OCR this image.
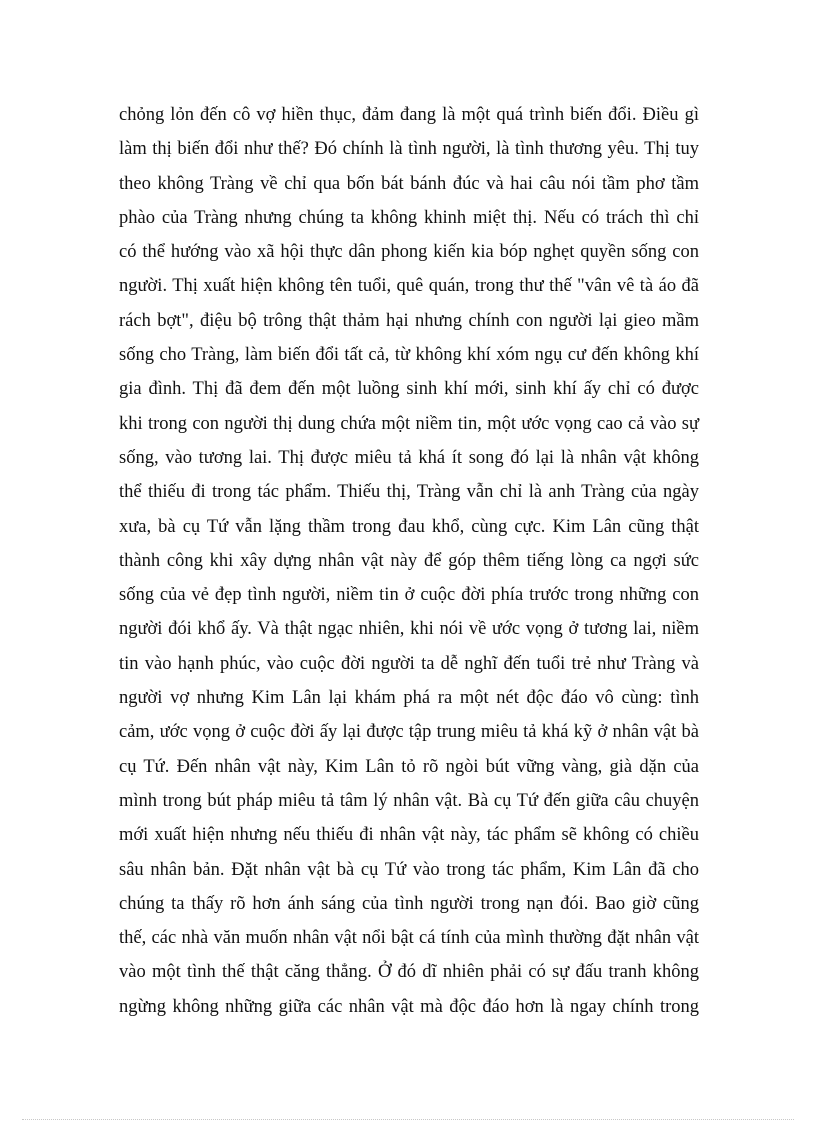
chỏng lỏn đến cô vợ hiền thục, đảm đang là một quá trình biến đổi. Điều gì
làm thị biến đổi như thế? Đó chính là tình người, là tình thương yêu. Thị tuy
theo không Tràng về chỉ qua bốn bát bánh đúc và hai câu nói tầm phơ tầm
phào của Tràng nhưng chúng ta không khinh miệt thị. Nếu có trách thì chỉ
có thể hướng vào xã hội thực dân phong kiến kia bóp nghẹt quyền sống con
người. Thị xuất hiện không tên tuổi, quê quán, trong thư thế "vân vê tà áo đã
rách bợt", điệu bộ trông thật thảm hại nhưng chính con người lại gieo mầm
sống cho Tràng, làm biến đổi tất cả, từ không khí xóm ngụ cư đến không khí
gia đình. Thị đã đem đến một luồng sinh khí mới, sinh khí ấy chỉ có được
khi trong con người thị dung chứa một niềm tin, một ước vọng cao cả vào sự
sống, vào tương lai. Thị được miêu tả khá ít song đó lại là nhân vật không
thể thiếu đi trong tác phẩm. Thiếu thị, Tràng vẫn chỉ là anh Tràng của ngày
xưa, bà cụ Tứ vẫn lặng thầm trong đau khổ, cùng cực. Kim Lân cũng thật
thành công khi xây dựng nhân vật này để góp thêm tiếng lòng ca ngợi sức
sống của vẻ đẹp tình người, niềm tin ở cuộc đời phía trước trong những con
người đói khổ ấy. Và thật ngạc nhiên, khi nói về ước vọng ở tương lai, niềm
tin vào hạnh phúc, vào cuộc đời người ta dễ nghĩ đến tuổi trẻ như Tràng và
người vợ nhưng Kim Lân lại khám phá ra một nét độc đáo vô cùng: tình
cảm, ước vọng ở cuộc đời ấy lại được tập trung miêu tả khá kỹ ở nhân vật bà
cụ Tứ. Đến nhân vật này, Kim Lân tỏ rõ ngòi bút vững vàng, già dặn của
mình trong bút pháp miêu tả tâm lý nhân vật. Bà cụ Tứ đến giữa câu chuyện
mới xuất hiện nhưng nếu thiếu đi nhân vật này, tác phẩm sẽ không có chiều
sâu nhân bản. Đặt nhân vật bà cụ Tứ vào trong tác phẩm, Kim Lân đã cho
chúng ta thấy rõ hơn ánh sáng của tình người trong nạn đói. Bao giờ cũng
thế, các nhà văn muốn nhân vật nổi bật cá tính của mình thường đặt nhân vật
vào một tình thế thật căng thẳng. Ở đó dĩ nhiên phải có sự đấu tranh không
ngừng không những giữa các nhân vật mà độc đáo hơn là ngay chính trong
